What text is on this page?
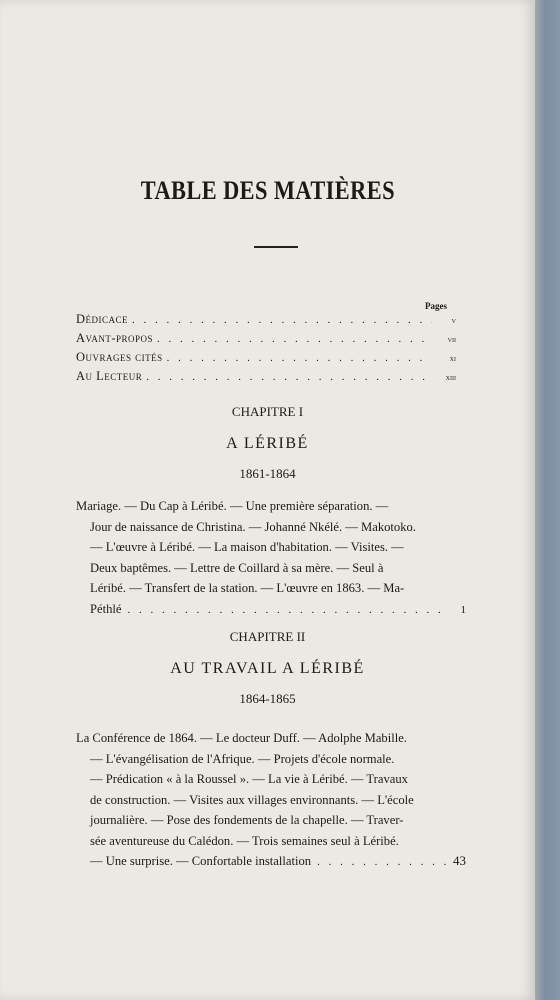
TABLE DES MATIÈRES
Pages
Dédicace . . .	v
Avant-propos . . .	vii
Ouvrages cités . . .	xi
Au Lecteur . . .	xiii
CHAPITRE I
A LÉRIBÉ
1861-1864
Mariage. — Du Cap à Léribé. — Une première séparation. —
Jour de naissance de Christina. — Johanné Nkélé. — Makotoko.
— L'œuvre à Léribé. — La maison d'habitation. — Visites. —
Deux baptêmes. — Lettre de Coillard à sa mère. — Seul à
Léribé. — Transfert de la station. — L'œuvre en 1863. — Ma-
Péthlé . . .	1
CHAPITRE II
AU TRAVAIL A LÉRIBÉ
1864-1865
La Conférence de 1864. — Le docteur Duff. — Adolphe Mabille.
— L'évangélisation de l'Afrique. — Projets d'école normale.
— Prédication « à la Roussel ». — La vie à Léribé. — Travaux
de construction. — Visites aux villages environnants. — L'école
journalière. — Pose des fondements de la chapelle. — Traver-
sée aventureuse du Calédon. — Trois semaines seul à Léribé.
— Une surprise. — Confortable installation . . .	43
